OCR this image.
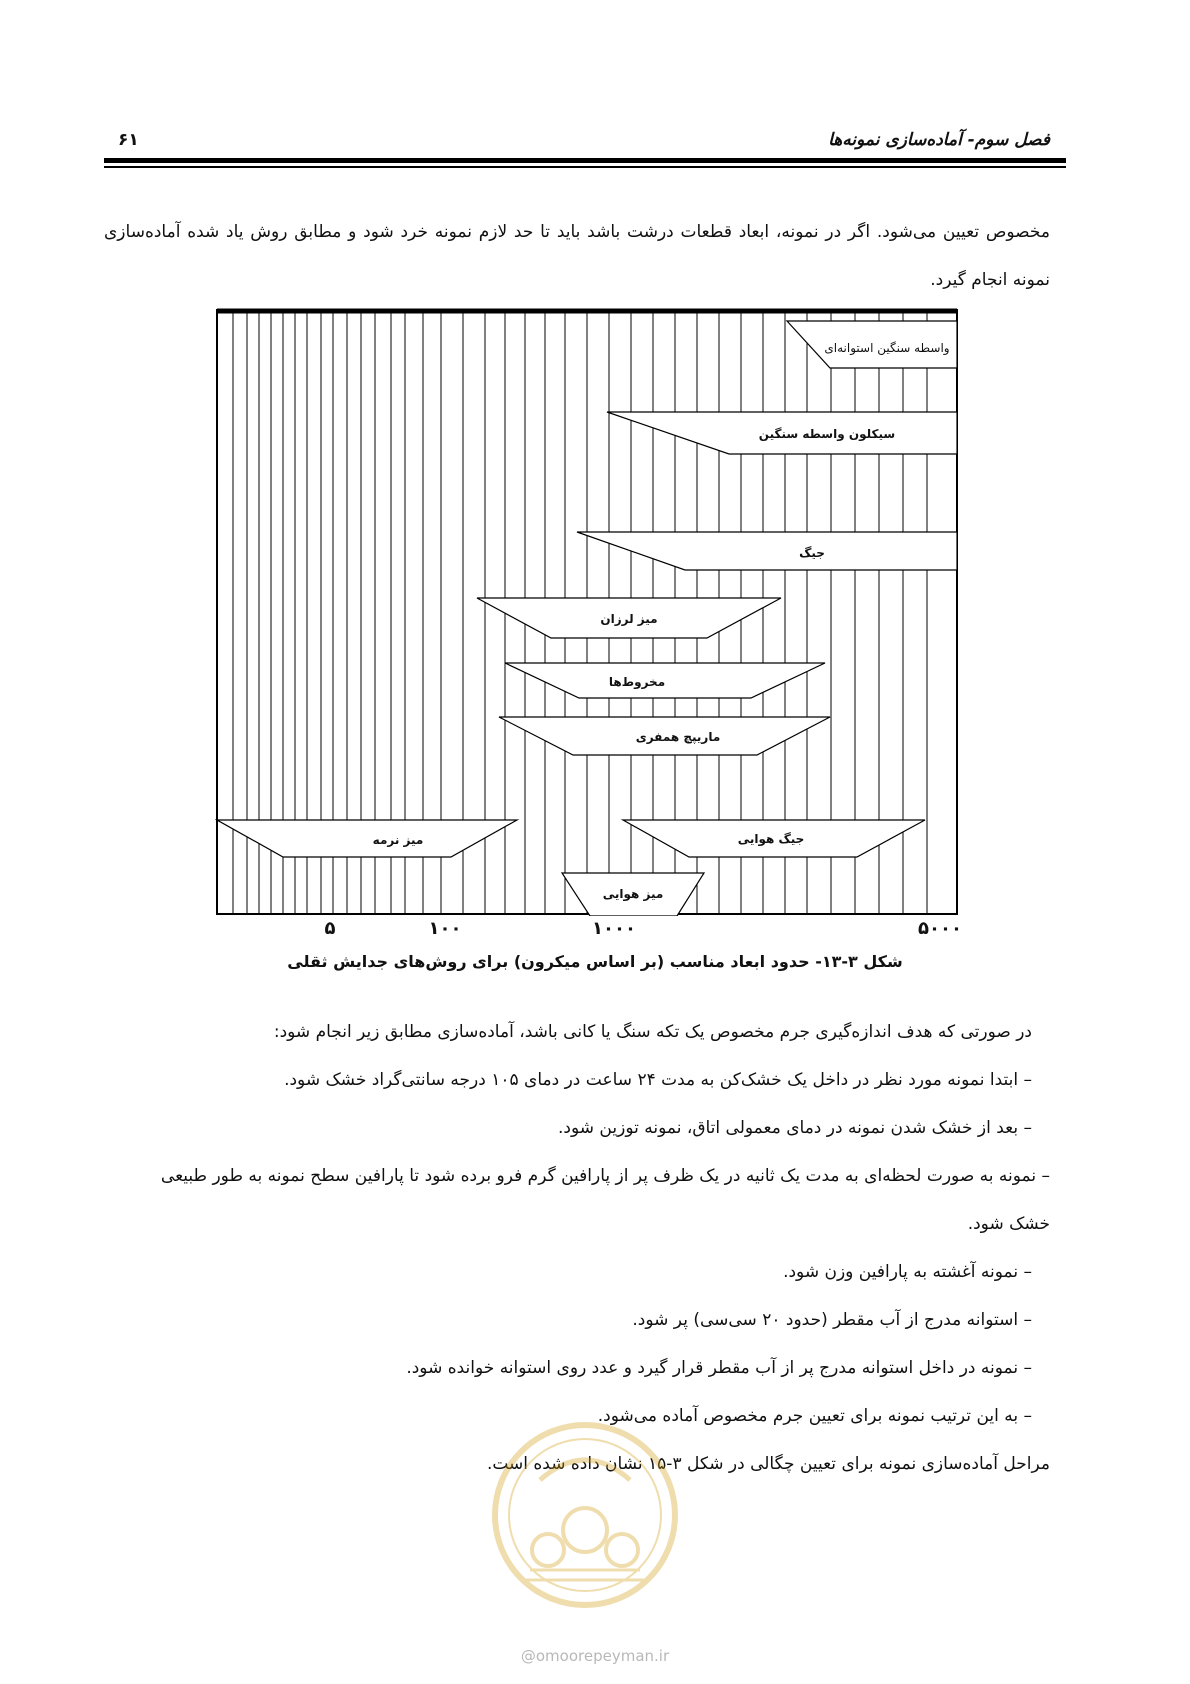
فصل سوم- آماده‌سازی نمونه‌ها
۶۱
مخصوص تعیین می‌شود. اگر در نمونه، ابعاد قطعات درشت باشد باید تا حد لازم نمونه خرد شود و مطابق روش یاد شده آماده‌سازی نمونه انجام گیرد.
واسطه سنگین استوانه‌ای
سیکلون واسطه سنگین
جیگ
میز لرزان
مخروط‌ها
ماریپچ همفری
میز نرمه	جیگ هوایی
میز هوایی
۵	۱۰۰	۱۰۰۰	۵۰۰۰
شکل ۳-۱۳- حدود ابعاد مناسب (بر اساس میکرون) برای روش‌های جدایش ثقلی
در صورتی که هدف اندازه‌گیری جرم مخصوص یک تکه سنگ یا کانی باشد، آماده‌سازی مطابق زیر انجام شود:
– ابتدا نمونه مورد نظر در داخل یک خشک‌کن به مدت ۲۴ ساعت در دمای ۱۰۵ درجه سانتی‌گراد خشک شود.
– بعد از خشک شدن نمونه در دمای معمولی اتاق، نمونه توزین شود.
– نمونه به صورت لحظه‌ای به مدت یک ثانیه در یک ظرف پر از پارافین گرم فرو برده شود تا پارافین سطح نمونه به طور طبیعی
خشک شود.
– نمونه آغشته به پارافین وزن شود.
– استوانه مدرج از آب مقطر (حدود ۲۰ سی‌سی) پر شود.
– نمونه در داخل استوانه مدرج پر از آب مقطر قرار گیرد و عدد روی استوانه خوانده شود.
– به این ترتیب نمونه برای تعیین جرم مخصوص آماده می‌شود.
مراحل آماده‌سازی نمونه برای تعیین چگالی در شکل ۳-۱۵ نشان داده شده است.
@omoorepeyman.ir
